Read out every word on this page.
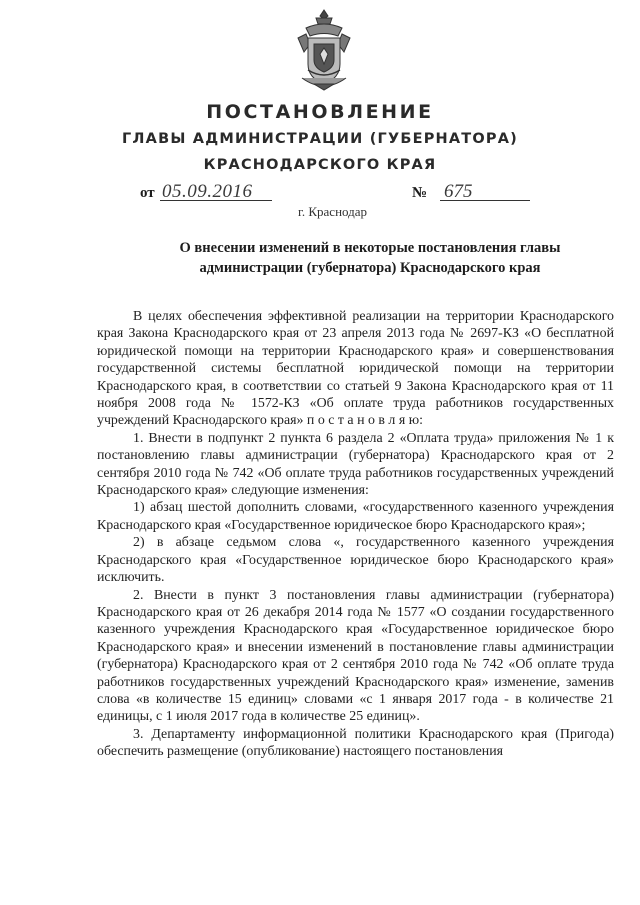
ПОСТАНОВЛЕНИЕ
ГЛАВЫ АДМИНИСТРАЦИИ (ГУБЕРНАТОРА)
КРАСНОДАРСКОГО КРАЯ
от 05.09.2016	№ 675
г. Краснодар
О внесении изменений в некоторые постановления главы администрации (губернатора) Краснодарского края

В целях обеспечения эффективной реализации на территории Краснодарского края Закона Краснодарского края от 23 апреля 2013 года № 2697-КЗ «О бесплатной юридической помощи на территории Краснодарского края» и совершенствования государственной системы бесплатной юридической помощи на территории Краснодарского края, в соответствии со статьей 9 Закона Краснодарского края от 11 ноября 2008 года № 1572-КЗ «Об оплате труда работников государственных учреждений Краснодарского края» п о с т а н о в л я ю:

1. Внести в подпункт 2 пункта 6 раздела 2 «Оплата труда» приложения № 1 к постановлению главы администрации (губернатора) Краснодарского края от 2 сентября 2010 года № 742 «Об оплате труда работников государственных учреждений Краснодарского края» следующие изменения:

1) абзац шестой дополнить словами, «государственного казенного учреждения Краснодарского края «Государственное юридическое бюро Краснодарского края»;

2) в абзаце седьмом слова «, государственного казенного учреждения Краснодарского края «Государственное юридическое бюро Краснодарского края» исключить.

2. Внести в пункт 3 постановления главы администрации (губернатора) Краснодарского края от 26 декабря 2014 года № 1577 «О создании государственного казенного учреждения Краснодарского края «Государственное юридическое бюро Краснодарского края» и внесении изменений в постановление главы администрации (губернатора) Краснодарского края от 2 сентября 2010 года № 742 «Об оплате труда работников государственных учреждений Краснодарского края» изменение, заменив слова «в количестве 15 единиц» словами «с 1 января 2017 года - в количестве 21 единицы, с 1 июля 2017 года в количестве 25 единиц».

3. Департаменту информационной политики Краснодарского края (Пригода) обеспечить размещение (опубликование) настоящего постановления
